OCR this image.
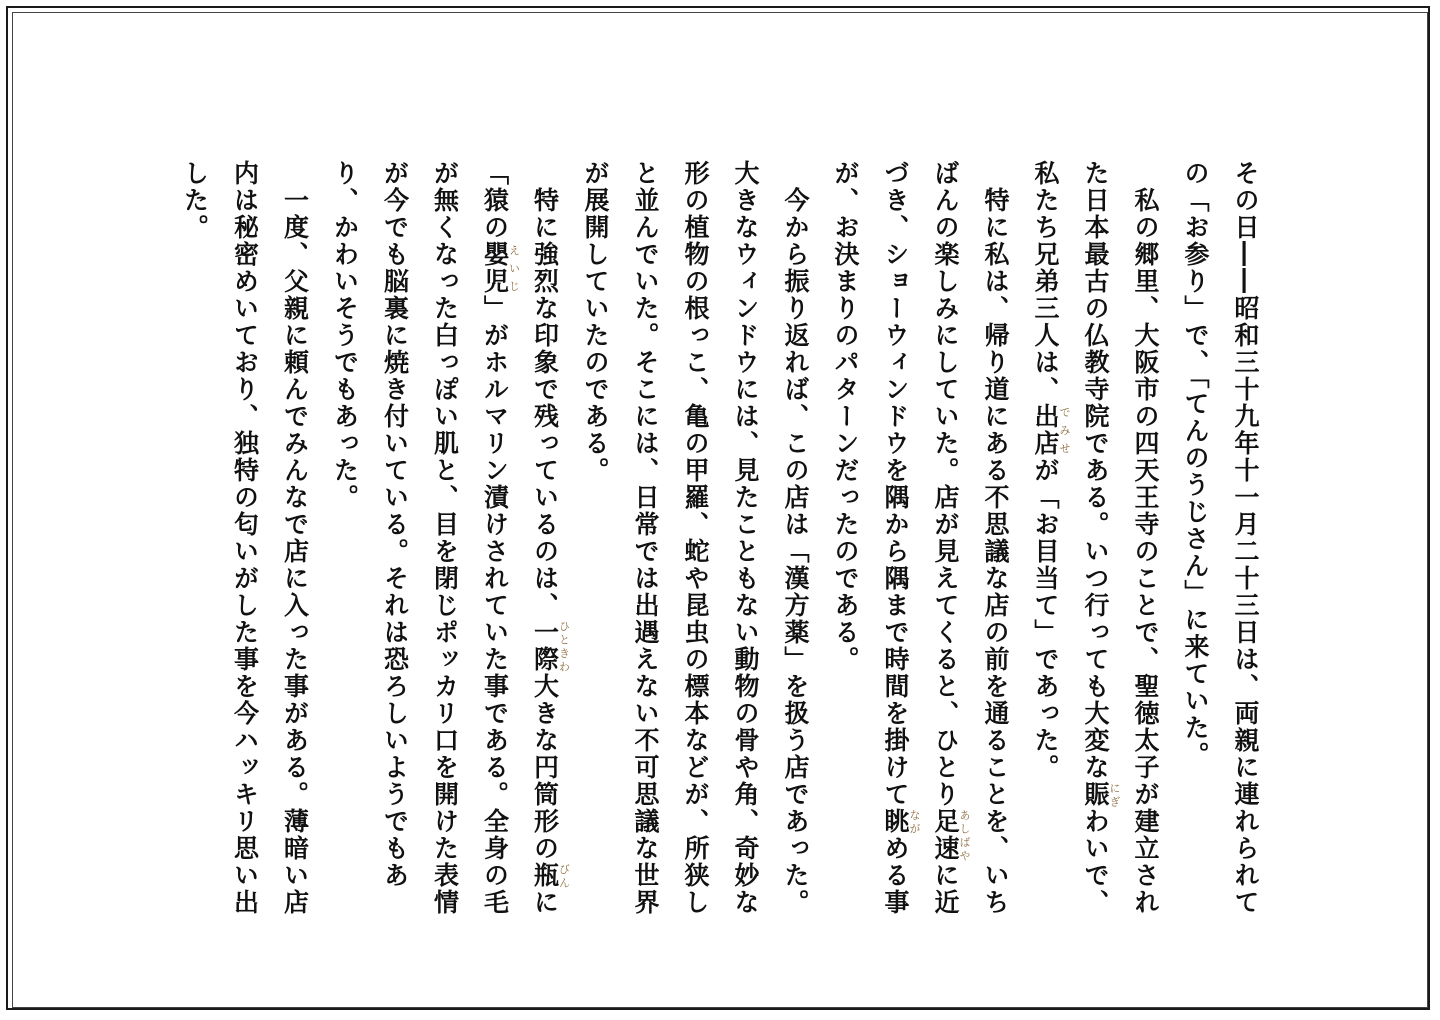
その日――昭和三十九年十一月二十三日は、両親に連れられての「お参り」で、「てんのうじさん」に来ていた。

　私の郷里、大阪市の四天王寺のことで、聖徳太子が建立された日本最古の仏教寺院である。いつ行っても大変な賑にぎわいで、私たち兄弟三人は、出店でみせが「お目当て」であった。

　特に私は、帰り道にある不思議な店の前を通ることを、いちばんの楽しみにしていた。店が見えてくると、ひとり足速あしばやに近づき、ショーウィンドウを隅から隅まで時間を掛けて眺ながめる事が、お決まりのパターンだったのである。

　今から振り返れば、この店は「漢方薬」を扱う店であった。大きなウィンドウには、見たこともない動物の骨や角、奇妙な形の植物の根っこ、亀の甲羅、蛇や昆虫の標本などが、所狭しと並んでいた。そこには、日常では出遇えない不可思議な世界が展開していたのである。

　特に強烈な印象で残っているのは、一際ひときわ大きな円筒形の瓶びんに「猿の嬰児えいじ」がホルマリン漬けされていた事である。全身の毛が無くなった白っぽい肌と、目を閉じポッカリ口を開けた表情が今でも脳裏に焼き付いている。それは恐ろしいようでもあり、かわいそうでもあった。

　一度、父親に頼んでみんなで店に入った事がある。薄暗い店内は秘密めいており、独特の匂いがした事を今ハッキリ思い出した。
